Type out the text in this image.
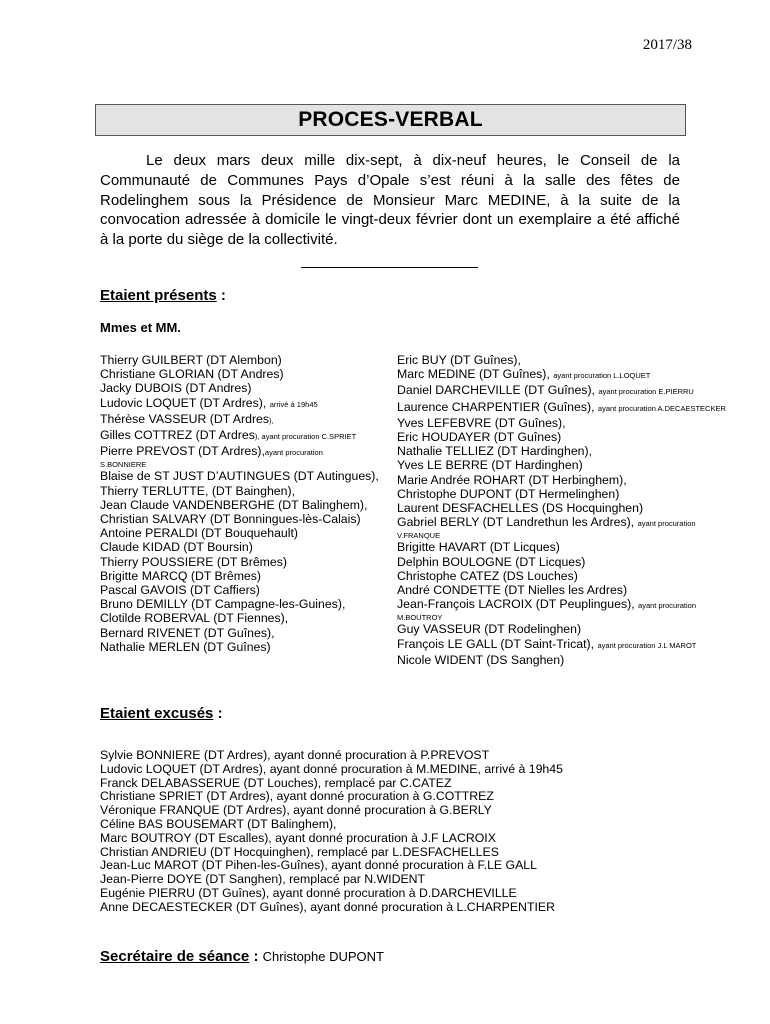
2017/38
PROCES-VERBAL

Le deux mars deux mille dix-sept, à dix-neuf heures, le Conseil de la Communauté de Communes Pays d’Opale s’est réuni à la salle des fêtes de Rodelinghem sous la Présidence de Monsieur Marc MEDINE, à la suite de la convocation adressée à domicile le vingt-deux février dont un exemplaire a été affiché à la porte du siège de la collectivité.

Etaient présents :
Mmes et MM.
Thierry GUILBERT (DT Alembon)
Christiane GLORIAN (DT Andres)
Jacky DUBOIS (DT Andres)
Ludovic LOQUET (DT Ardres), arrivé à 19h45
Thérèse VASSEUR (DT Ardres),
Gilles COTTREZ (DT Ardres), ayant procuration C.SPRIET
Pierre PREVOST (DT Ardres),ayant procuration
S.BONNIERE
Blaise de ST JUST D’AUTINGUES (DT Autingues),
Thierry TERLUTTE, (DT Bainghen),
Jean Claude VANDENBERGHE (DT Balinghem),
Christian SALVARY (DT Bonningues-lès-Calais)
Antoine PERALDI (DT Bouquehault)
Claude KIDAD (DT Boursin)
Thierry POUSSIERE (DT Brêmes)
Brigitte MARCQ (DT Brêmes)
Pascal GAVOIS (DT Caffiers)
Bruno DEMILLY (DT Campagne-les-Guines),
Clotilde ROBERVAL (DT Fiennes),
Bernard RIVENET (DT Guînes),
Nathalie MERLEN (DT Guînes)
Eric BUY (DT Guînes),
Marc MEDINE (DT Guînes), ayant procuration L.LOQUET
Daniel DARCHEVILLE (DT Guînes), ayant procuration E.PIERRU
Laurence CHARPENTIER (Guînes), ayant procuration A.DECAESTECKER
Yves LEFEBVRE (DT Guînes),
Eric HOUDAYER (DT Guînes)
Nathalie TELLIEZ (DT Hardinghen),
Yves LE BERRE (DT Hardinghen)
Marie Andrée ROHART (DT Herbinghem),
Christophe DUPONT (DT Hermelinghen)
Laurent DESFACHELLES (DS Hocquinghen)
Gabriel BERLY (DT Landrethun les Ardres), ayant procuration
V.FRANQUE
Brigitte HAVART (DT Licques)
Delphin BOULOGNE (DT Licques)
Christophe CATEZ (DS Louches)
André CONDETTE (DT Nielles les Ardres)
Jean-François LACROIX (DT Peuplingues), ayant procuration
M.BOUTROY
Guy VASSEUR (DT Rodelinghen)
François LE GALL (DT Saint-Tricat), ayant procuration J.L MAROT
Nicole WIDENT (DS Sanghen)
Etaient excusés :
Sylvie BONNIERE (DT Ardres), ayant donné procuration à P.PREVOST
Ludovic LOQUET (DT Ardres), ayant donné procuration à M.MEDINE, arrivé à 19h45
Franck DELABASSERUE (DT Louches), remplacé par C.CATEZ
Christiane SPRIET (DT Ardres), ayant donné procuration à G.COTTREZ
Véronique FRANQUE (DT Ardres), ayant donné procuration à G.BERLY
Céline BAS BOUSEMART (DT Balinghem),
Marc BOUTROY (DT Escalles), ayant donné procuration à J.F LACROIX
Christian ANDRIEU (DT Hocquinghen), remplacé par L.DESFACHELLES
Jean-Luc MAROT (DT Pihen-les-Guînes), ayant donné procuration à F.LE GALL
Jean-Pierre DOYE (DT Sanghen), remplacé par N.WIDENT
Eugénie PIERRU (DT Guînes), ayant donné procuration à D.DARCHEVILLE
Anne DECAESTECKER (DT Guînes), ayant donné procuration à L.CHARPENTIER
Secrétaire de séance : Christophe DUPONT
